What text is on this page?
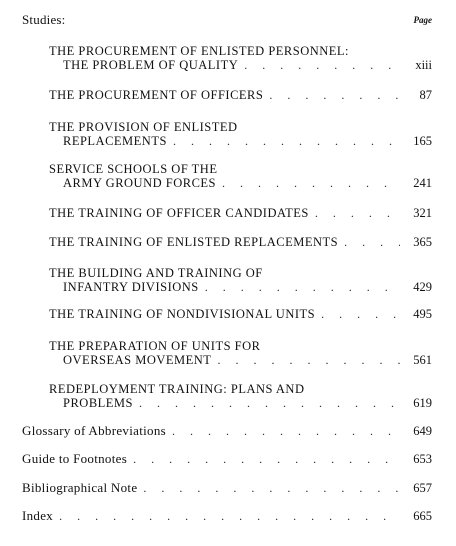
Studies:	Page
THE PROCUREMENT OF ENLISTED PERSONNEL:
THE PROBLEM OF QUALITY . . .	xiii
THE PROCUREMENT OF OFFICERS . . .	87
THE PROVISION OF ENLISTED
REPLACEMENTS . . .	165
SERVICE SCHOOLS OF THE
ARMY GROUND FORCES . . .	241
THE TRAINING OF OFFICER CANDIDATES . . .	321
THE TRAINING OF ENLISTED REPLACEMENTS . . .	365
THE BUILDING AND TRAINING OF
INFANTRY DIVISIONS . . .	429
THE TRAINING OF NONDIVISIONAL UNITS . . .	495
THE PREPARATION OF UNITS FOR
OVERSEAS MOVEMENT . . .	561
REDEPLOYMENT TRAINING: PLANS AND
PROBLEMS . . .	619
Glossary of Abbreviations . . .	649
Guide to Footnotes . . .	653
Bibliographical Note . . .	657
Index . . .	665
